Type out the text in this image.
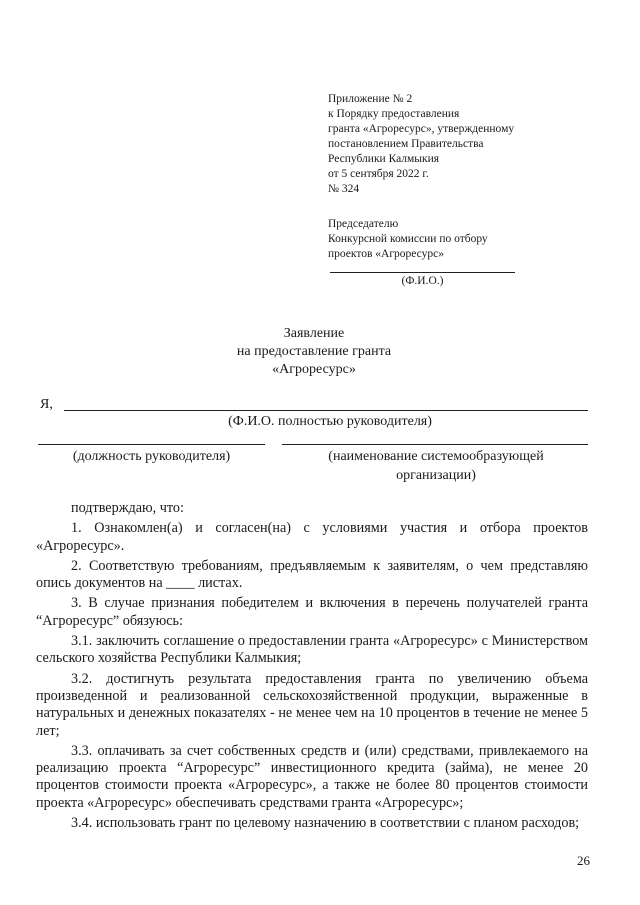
Приложение № 2
к Порядку предоставления
гранта «Агроресурс», утвержденному
постановлением Правительства
Республики Калмыкия
от 5 сентября 2022 г.
№ 324
Председателю
Конкурсной комиссии по отбору
проектов «Агроресурс»
(Ф.И.О.)
Заявление
на предоставление гранта
«Агроресурс»
Я,
(Ф.И.О. полностью руководителя)
(должность руководителя)	(наименование системообразующей организации)

подтверждаю, что:

1. Ознакомлен(а) и согласен(на) с условиями участия и отбора проектов «Агроресурс».

2. Соответствую требованиям, предъявляемым к заявителям, о чем представляю опись документов на ____ листах.

3. В случае признания победителем и включения в перечень получателей гранта “Агроресурс” обязуюсь:

3.1. заключить соглашение о предоставлении гранта «Агроресурс» с Министерством сельского хозяйства Республики Калмыкия;

3.2. достигнуть результата предоставления гранта по увеличению объема произведенной и реализованной сельскохозяйственной продукции, выраженные в натуральных и денежных показателях - не менее чем на 10 процентов в течение не менее 5 лет;

3.3. оплачивать за счет собственных средств и (или) средствами, привлекаемого на реализацию проекта “Агроресурс” инвестиционного кредита (займа), не менее 20 процентов стоимости проекта «Агроресурс», а также не более 80 процентов стоимости проекта «Агроресурс» обеспечивать средствами гранта «Агроресурс»;

3.4. использовать грант по целевому назначению в соответствии с планом расходов;

26
